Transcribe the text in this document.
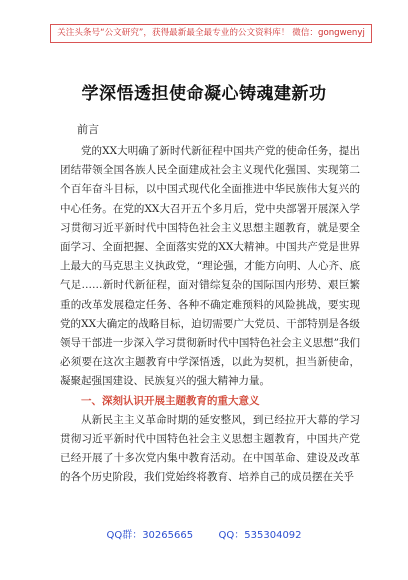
关注头条号“公文研究”，获得最新最全最专业的公文资料库！ 微信：gongwenyj
学深悟透担使命凝心铸魂建新功
前言

党的XX大明确了新时代新征程中国共产党的使命任务，提出团结带领全国各族人民全面建成社会主义现代化强国、实现第二个百年奋斗目标，以中国式现代化全面推进中华民族伟大复兴的中心任务。在党的XX大召开五个多月后，党中央部署开展深入学习贯彻习近平新时代中国特色社会主义思想主题教育，就是要全面学习、全面把握、全面落实党的XX大精神。中国共产党是世界上最大的马克思主义执政党，“理论强，才能方向明、人心齐、底气足……新时代新征程，面对错综复杂的国际国内形势、艰巨繁重的改革发展稳定任务、各种不确定难预料的风险挑战，要实现党的XX大确定的战略目标，迫切需要广大党员、干部特别是各级领导干部进一步深入学习贯彻新时代中国特色社会主义思想”我们必须要在这次主题教育中学深悟透，以此为契机，担当新使命，凝聚起强国建设、民族复兴的强大精神力量。

一、深刻认识开展主题教育的重大意义

从新民主主义革命时期的延安整风，到已经拉开大幕的学习贯彻习近平新时代中国特色社会主义思想主题教育，中国共产党已经开展了十多次党内集中教育活动。在中国革命、建设及改革的各个历史阶段，我们党始终将教育、培养自己的成员摆在关乎

QQ群：30265665        QQ：535304092
